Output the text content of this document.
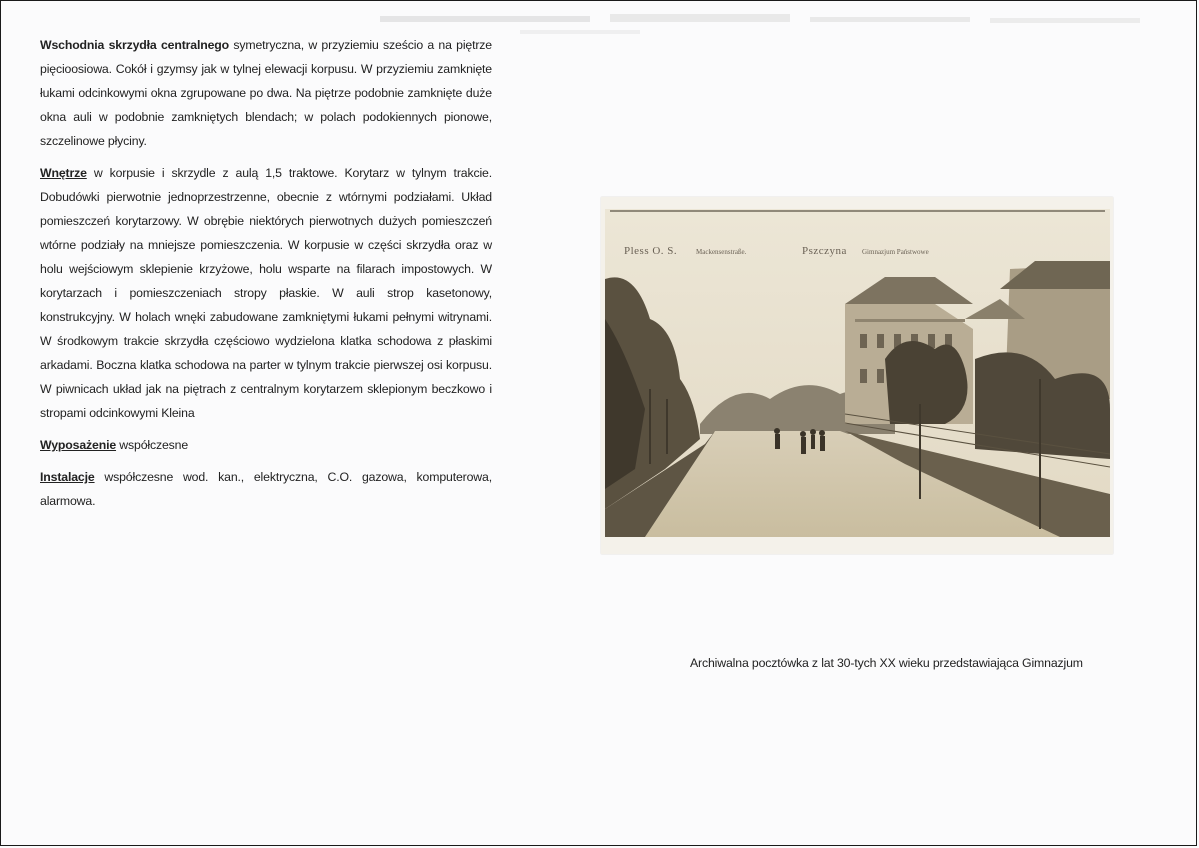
Wschodnia skrzydła centralnego symetryczna, w przyziemiu sześcio a na piętrze pięcioosiowa. Cokół i gzymsy jak w tylnej elewacji korpusu. W przyziemiu zamknięte łukami odcinkowymi okna zgrupowane po dwa. Na piętrze podobnie zamknięte duże okna auli w podobnie zamkniętych blendach; w polach podokiennych pionowe, szczelinowe płyciny.

Wnętrze w korpusie i skrzydle z aulą 1,5 traktowe. Korytarz w tylnym trakcie. Dobudówki pierwotnie jednoprzestrzenne, obecnie z wtórnymi podziałami. Układ pomieszczeń korytarzowy. W obrębie niektórych pierwotnych dużych pomieszczeń wtórne podziały na mniejsze pomieszczenia. W korpusie w części skrzydła oraz w holu wejściowym sklepienie krzyżowe, holu wsparte na filarach impostowych. W korytarzach i pomieszczeniach stropy płaskie. W auli strop kasetonowy, konstrukcyjny. W holach wnęki zabudowane zamkniętymi łukami pełnymi witrynami. W środkowym trakcie skrzydła częściowo wydzielona klatka schodowa z płaskimi arkadami. Boczna klatka schodowa na parter w tylnym trakcie pierwszej osi korpusu. W piwnicach układ jak na piętrach z centralnym korytarzem sklepionym beczkowo i stropami odcinkowymi Kleina

Wyposażenie współczesne

Instalacje współczesne wod. kan., elektryczna, C.O. gazowa, komputerowa, alarmowa.

Pless O. S.	Mackensenstraße.	Pszczyna Gimnazjum Państwowe
Archiwalna pocztówka z lat 30-tych XX wieku przedstawiająca Gimnazjum
